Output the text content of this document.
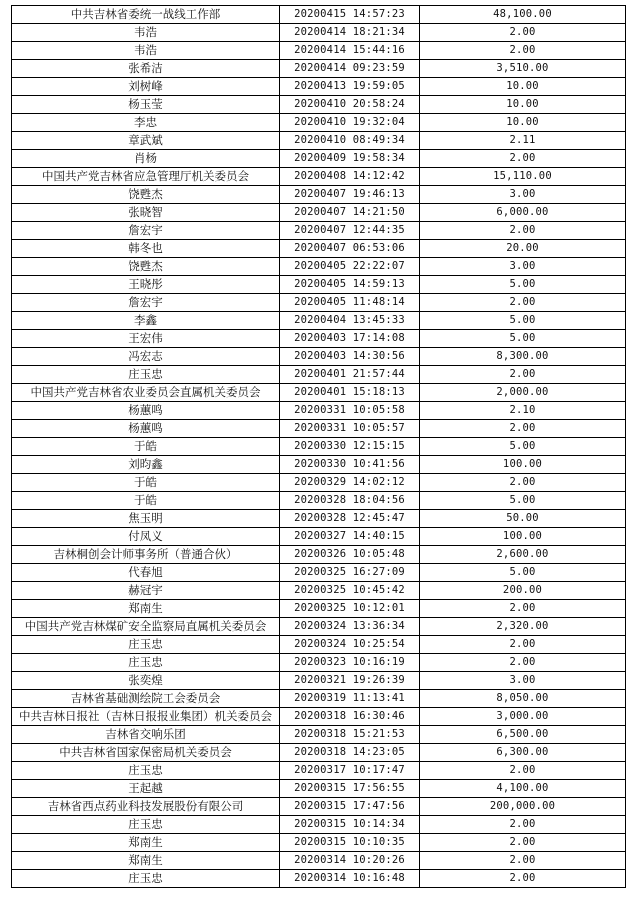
中共吉林省委统一战线工作部	20200415 14:57:23	48,100.00
韦浩	20200414 18:21:34	2.00
韦浩	20200414 15:44:16	2.00
张希洁	20200414 09:23:59	3,510.00
刘树峰	20200413 19:59:05	10.00
杨玉莹	20200410 20:58:24	10.00
李忠	20200410 19:32:04	10.00
章武斌	20200410 08:49:34	2.11
肖杨	20200409 19:58:34	2.00
中国共产党吉林省应急管理厅机关委员会	20200408 14:12:42	15,110.00
饶甦杰	20200407 19:46:13	3.00
张晓智	20200407 14:21:50	6,000.00
詹宏宇	20200407 12:44:35	2.00
韩冬也	20200407 06:53:06	20.00
饶甦杰	20200405 22:22:07	3.00
王晓彤	20200405 14:59:13	5.00
詹宏宇	20200405 11:48:14	2.00
李鑫	20200404 13:45:33	5.00
王宏伟	20200403 17:14:08	5.00
冯宏志	20200403 14:30:56	8,300.00
庄玉忠	20200401 21:57:44	2.00
中国共产党吉林省农业委员会直属机关委员会	20200401 15:18:13	2,000.00
杨蕙鸣	20200331 10:05:58	2.10
杨蕙鸣	20200331 10:05:57	2.00
于皓	20200330 12:15:15	5.00
刘昀鑫	20200330 10:41:56	100.00
于皓	20200329 14:02:12	2.00
于皓	20200328 18:04:56	5.00
焦玉明	20200328 12:45:47	50.00
付凤义	20200327 14:40:15	100.00
吉林桐创会计师事务所（普通合伙）	20200326 10:05:48	2,600.00
代春旭	20200325 16:27:09	5.00
赫冠宇	20200325 10:45:42	200.00
郑南生	20200325 10:12:01	2.00
中国共产党吉林煤矿安全监察局直属机关委员会	20200324 13:36:34	2,320.00
庄玉忠	20200324 10:25:54	2.00
庄玉忠	20200323 10:16:19	2.00
张奕煌	20200321 19:26:39	3.00
吉林省基础测绘院工会委员会	20200319 11:13:41	8,050.00
中共吉林日报社（吉林日报报业集团）机关委员会	20200318 16:30:46	3,000.00
吉林省交响乐团	20200318 15:21:53	6,500.00
中共吉林省国家保密局机关委员会	20200318 14:23:05	6,300.00
庄玉忠	20200317 10:17:47	2.00
王起越	20200315 17:56:55	4,100.00
吉林省西点药业科技发展股份有限公司	20200315 17:47:56	200,000.00
庄玉忠	20200315 10:14:34	2.00
郑南生	20200315 10:10:35	2.00
郑南生	20200314 10:20:26	2.00
庄玉忠	20200314 10:16:48	2.00
